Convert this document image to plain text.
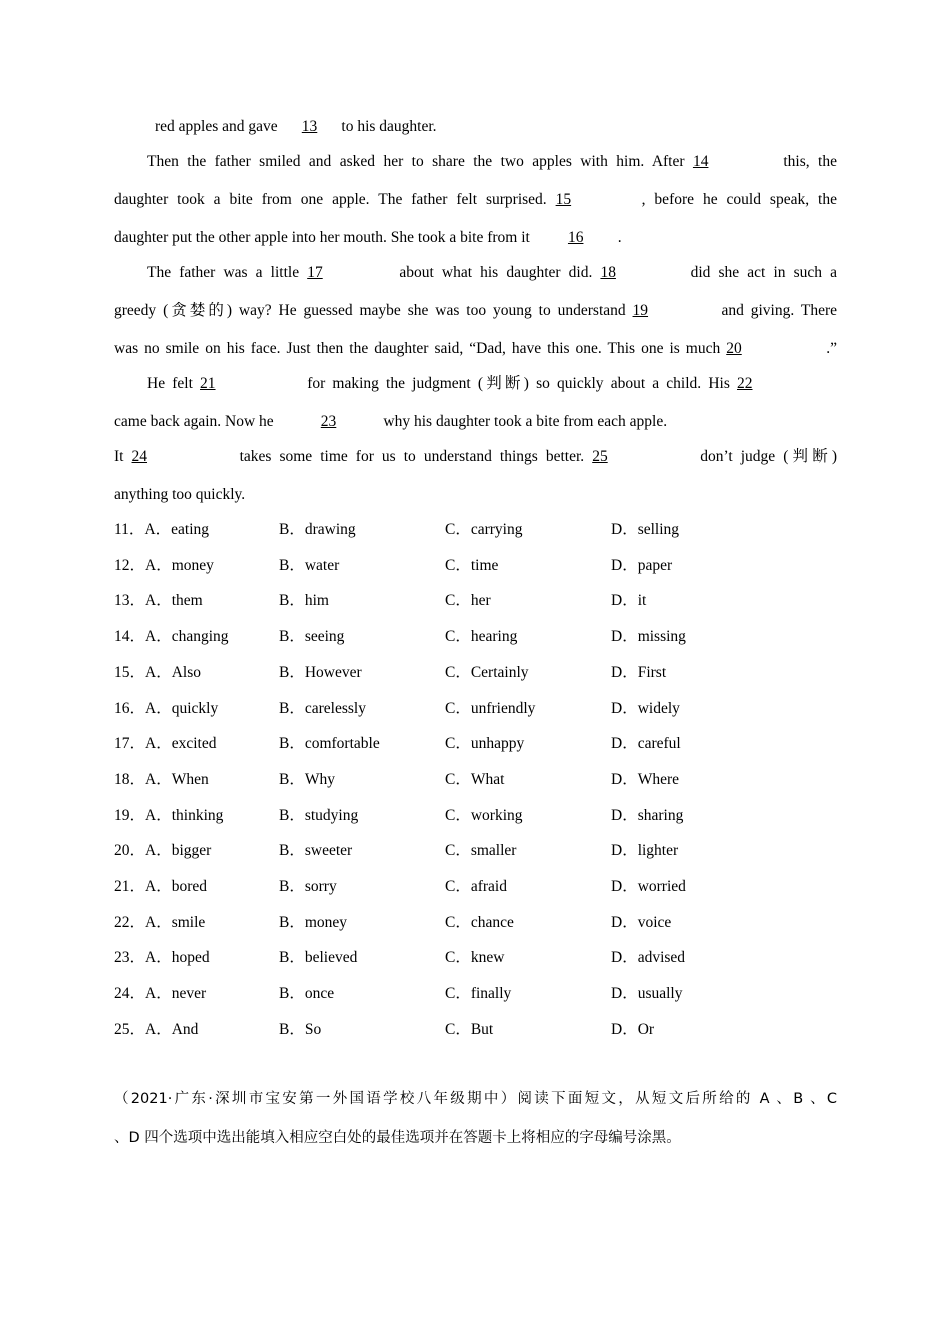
red apples and gave 13 to his daughter.
Then the father smiled and asked her to share the two apples with him. After 14	this, the
daughter took a bite from one apple. The father felt surprised. 15	, before he could speak, the
daughter put the other apple into her mouth. She took a bite from it 16 .
The father was a little 17	about what his daughter did. 18	did she act in such a
greedy (贪婪的) way? He guessed maybe she was too young to understand 19	and giving. There
was no smile on his face. Just then the daughter said, “Dad, have this one. This one is much 20	.”
He felt 21	for making the judgment (判断) so quickly about a child. His 22
came back again. Now he	23	why his daughter took a bite from each apple.
It 24	takes some time for us to understand things better. 25	don’t judge (判断)
anything too quickly.
11．A．eating	B．drawing	C．carrying	D．selling
12．A．money	B．water	C．time	D．paper
13．A．them	B．him	C．her	D．it
14．A．changing	B．seeing	C．hearing	D．missing
15．A．Also	B．However	C．Certainly	D．First
16．A．quickly	B．carelessly	C．unfriendly	D．widely
17．A．excited	B．comfortable	C．unhappy	D．careful
18．A．When	B．Why	C．What	D．Where
19．A．thinking	B．studying	C．working	D．sharing
20．A．bigger	B．sweeter	C．smaller	D．lighter
21．A．bored	B．sorry	C．afraid	D．worried
22．A．smile	B．money	C．chance	D．voice
23．A．hoped	B．believed	C．knew	D．advised
24．A．never	B．once	C．finally	D．usually
25．A．And	B．So	C．But	D．Or
（2021·广东·深圳市宝安第一外国语学校八年级期中）阅读下面短文，从短文后所给的 A 、B 、C
、D 四个选项中选出能填入相应空白处的最佳选项并在答题卡上将相应的字母编号涂黑。
